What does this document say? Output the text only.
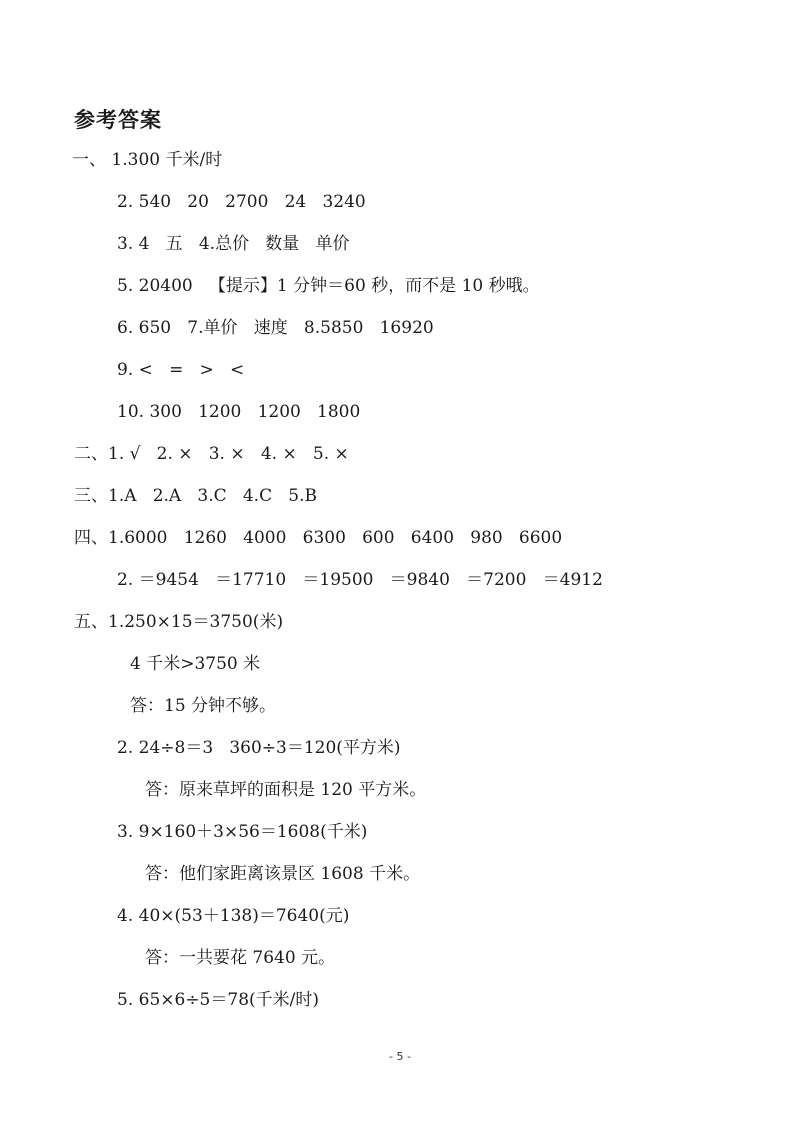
参考答案
一、 1.300 千米/时
2. 540   20   2700   24   3240
3. 4   五   4.总价   数量   单价
5. 20400   【提示】1 分钟＝60 秒，而不是 10 秒哦。
6. 650   7.单价   速度   8.5850   16920
9. <   =   >   <
10. 300   1200   1200   1800
二、1. √   2. ×   3. ×   4. ×   5. ×
三、1.A   2.A   3.C   4.C   5.B
四、1.6000   1260   4000   6300   600   6400   980   6600
2. ＝9454   ＝17710   ＝19500   ＝9840   ＝7200   ＝4912
五、1.250×15＝3750(米)
4 千米>3750 米
答：15 分钟不够。
2. 24÷8＝3   360÷3＝120(平方米)
答：原来草坪的面积是 120 平方米。
3. 9×160＋3×56＝1608(千米)
答：他们家距离该景区 1608 千米。
4. 40×(53＋138)＝7640(元)
答：一共要花 7640 元。
5. 65×6÷5＝78(千米/时)
- 5 -
